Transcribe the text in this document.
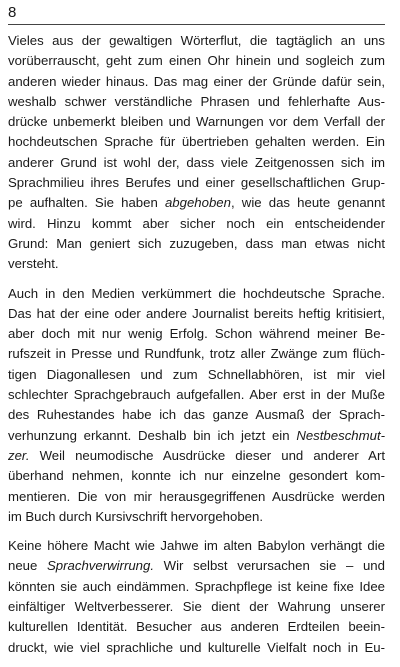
8

Vieles aus der gewaltigen Wörterflut, die tagtäglich an uns
vorüberrauscht, geht zum einen Ohr hinein und sogleich zum
anderen wieder hinaus. Das mag einer der Gründe dafür sein,
weshalb schwer verständliche Phrasen und fehlerhafte Aus-
drücke unbemerkt bleiben und Warnungen vor dem Verfall der
hochdeutschen Sprache für übertrieben gehalten werden. Ein
anderer Grund ist wohl der, dass viele Zeitgenossen sich im
Sprachmilieu ihres Berufes und einer gesellschaftlichen Grup-
pe aufhalten. Sie haben abgehoben, wie das heute genannt
wird. Hinzu kommt aber sicher noch ein entscheidender
Grund: Man geniert sich zuzugeben, dass man etwas nicht
versteht.

Auch in den Medien verkümmert die hochdeutsche Sprache.
Das hat der eine oder andere Journalist bereits heftig kritisiert,
aber doch mit nur wenig Erfolg. Schon während meiner Be-
rufszeit in Presse und Rundfunk, trotz aller Zwänge zum flüch-
tigen Diagonallesen und zum Schnellabhören, ist mir viel
schlechter Sprachgebrauch aufgefallen. Aber erst in der Muße
des Ruhestandes habe ich das ganze Ausmaß der Sprach-
verhunzung erkannt. Deshalb bin ich jetzt ein Nestbeschmut-
zer. Weil neumodische Ausdrücke dieser und anderer Art
überhand nehmen, konnte ich nur einzelne gesondert kom-
mentieren. Die von mir herausgegriffenen Ausdrücke werden
im Buch durch Kursivschrift hervorgehoben.

Keine höhere Macht wie Jahwe im alten Babylon verhängt die
neue Sprachverwirrung. Wir selbst verursachen sie – und
könnten sie auch eindämmen. Sprachpflege ist keine fixe Idee
einfältiger Weltverbesserer. Sie dient der Wahrung unserer
kulturellen Identität. Besucher aus anderen Erdteilen beein-
druckt, wie viel sprachliche und kulturelle Vielfalt noch in Eu-
